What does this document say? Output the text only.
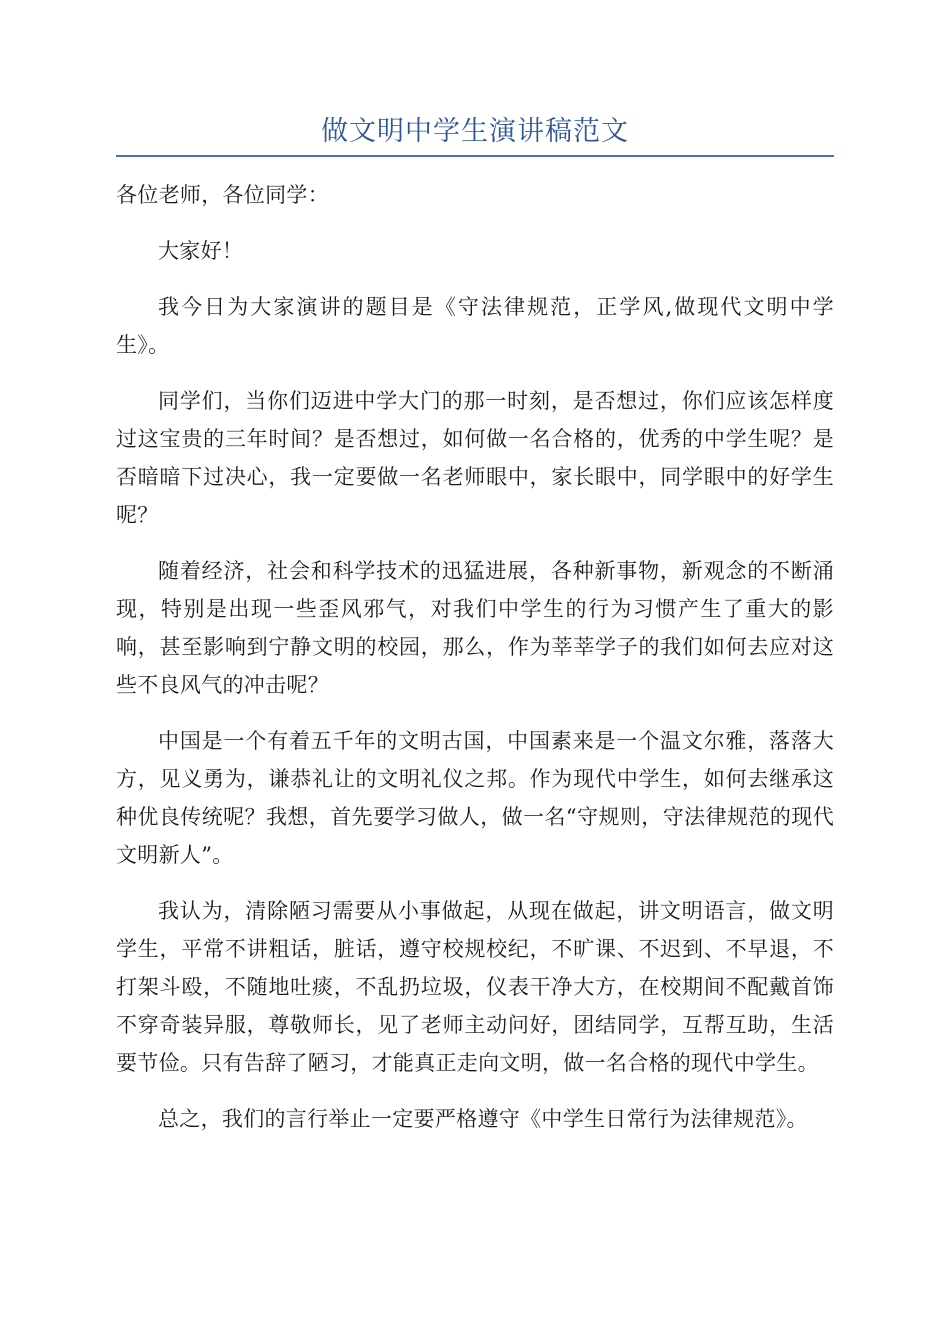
做文明中学生演讲稿范文

各位老师，各位同学：

大家好！

我今日为大家演讲的题目是《守法律规范，正学风,做现代文明中学生》。

同学们，当你们迈进中学大门的那一时刻，是否想过，你们应该怎样度过这宝贵的三年时间？是否想过，如何做一名合格的，优秀的中学生呢？是否暗暗下过决心，我一定要做一名老师眼中，家长眼中，同学眼中的好学生呢？

随着经济，社会和科学技术的迅猛进展，各种新事物，新观念的不断涌现，特别是出现一些歪风邪气，对我们中学生的行为习惯产生了重大的影响，甚至影响到宁静文明的校园，那么，作为莘莘学子的我们如何去应对这些不良风气的冲击呢？

中国是一个有着五千年的文明古国，中国素来是一个温文尔雅，落落大方，见义勇为，谦恭礼让的文明礼仪之邦。作为现代中学生，如何去继承这种优良传统呢？我想，首先要学习做人，做一名“守规则，守法律规范的现代文明新人”。

我认为，清除陋习需要从小事做起，从现在做起，讲文明语言，做文明学生，平常不讲粗话，脏话，遵守校规校纪，不旷课、不迟到、不早退，不打架斗殴，不随地吐痰，不乱扔垃圾，仪表干净大方，在校期间不配戴首饰不穿奇装异服，尊敬师长，见了老师主动问好，团结同学，互帮互助，生活要节俭。只有告辞了陋习，才能真正走向文明，做一名合格的现代中学生。

总之，我们的言行举止一定要严格遵守《中学生日常行为法律规范》。
